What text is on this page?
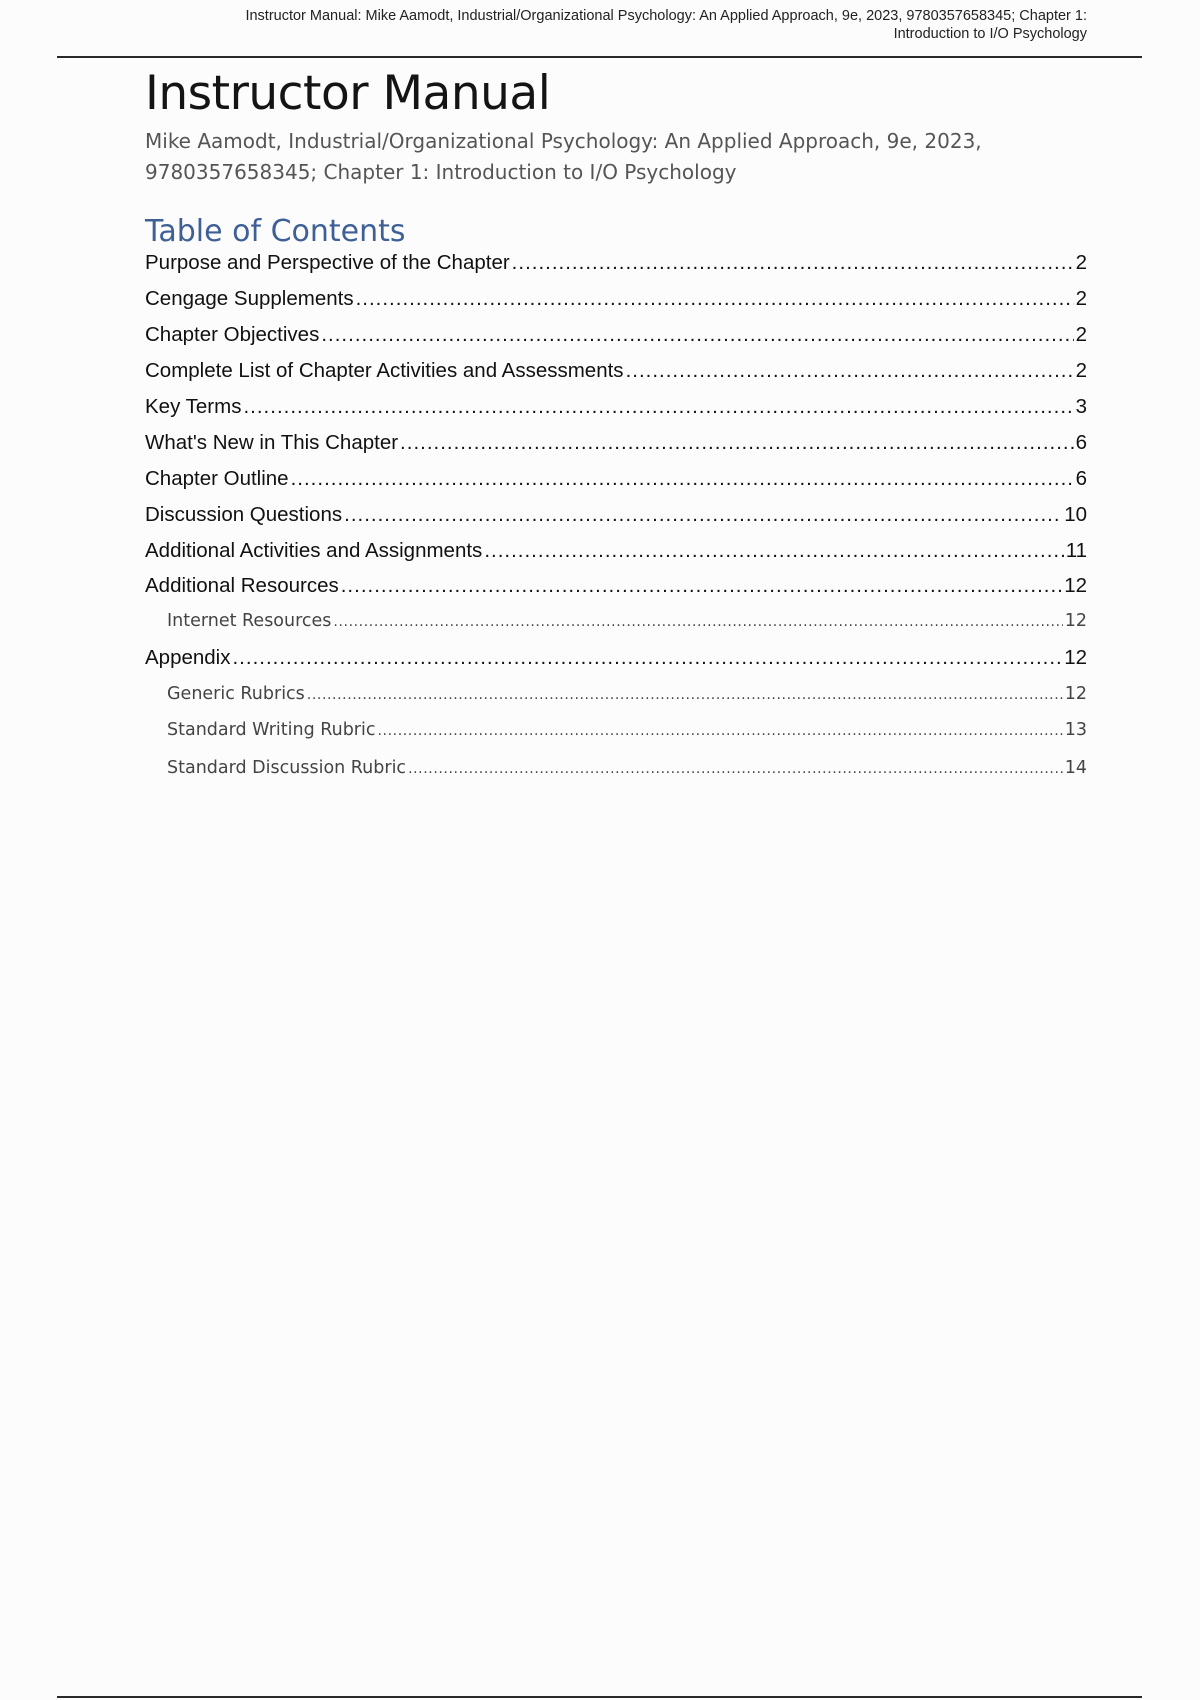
Instructor Manual: Mike Aamodt, Industrial/Organizational Psychology: An Applied Approach, 9e, 2023, 9780357658345; Chapter 1:
Introduction to I/O Psychology
Instructor Manual
Mike Aamodt, Industrial/Organizational Psychology: An Applied Approach, 9e, 2023,
9780357658345; Chapter 1: Introduction to I/O Psychology
Table of Contents
Purpose and Perspective of the Chapter .....	2
Cengage Supplements .....	2
Chapter Objectives .....	2
Complete List of Chapter Activities and Assessments .....	2
Key Terms .....	3
What's New in This Chapter .....	6
Chapter Outline .....	6
Discussion Questions .....	10
Additional Activities and Assignments .....	11
Additional Resources .....	12
Internet Resources .....	12
Appendix .....	12
Generic Rubrics .....	12
Standard Writing Rubric .....	13
Standard Discussion Rubric .....	14
